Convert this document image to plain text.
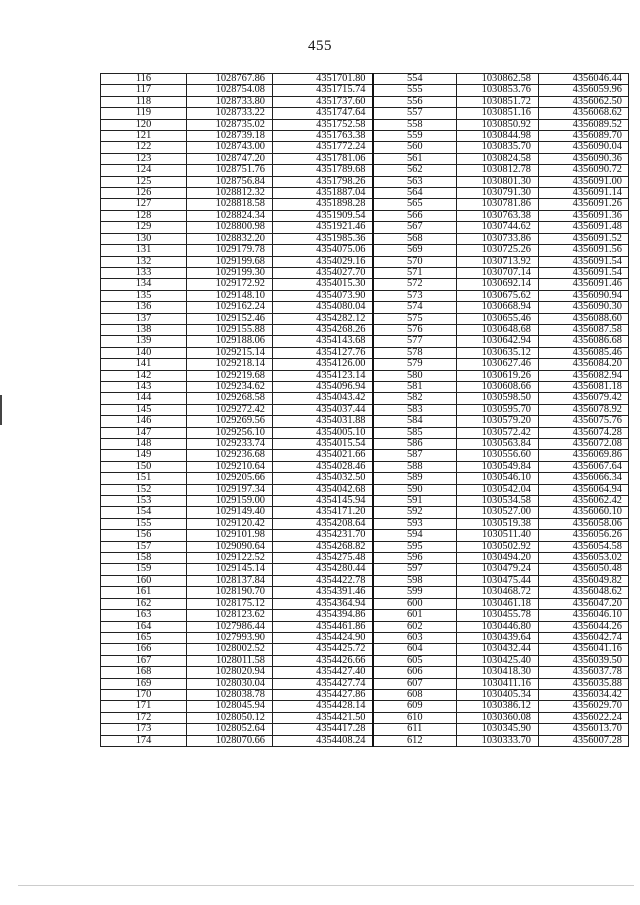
455
116	1028767.86	4351701.80	554	1030862.58	4356046.44
117	1028754.08	4351715.74	555	1030853.76	4356059.96
118	1028733.80	4351737.60	556	1030851.72	4356062.50
119	1028733.22	4351747.64	557	1030851.16	4356068.62
120	1028735.02	4351752.58	558	1030850.92	4356089.52
121	1028739.18	4351763.38	559	1030844.98	4356089.70
122	1028743.00	4351772.24	560	1030835.70	4356090.04
123	1028747.20	4351781.06	561	1030824.58	4356090.36
124	1028751.76	4351789.68	562	1030812.78	4356090.72
125	1028756.84	4351798.26	563	1030801.30	4356091.00
126	1028812.32	4351887.04	564	1030791.30	4356091.14
127	1028818.58	4351898.28	565	1030781.86	4356091.26
128	1028824.34	4351909.54	566	1030763.38	4356091.36
129	1028800.98	4351921.46	567	1030744.62	4356091.48
130	1028832.20	4351985.36	568	1030733.86	4356091.52
131	1029179.78	4354075.06	569	1030725.26	4356091.56
132	1029199.68	4354029.16	570	1030713.92	4356091.54
133	1029199.30	4354027.70	571	1030707.14	4356091.54
134	1029172.92	4354015.30	572	1030692.14	4356091.46
135	1029148.10	4354073.90	573	1030675.62	4356090.94
136	1029162.24	4354080.04	574	1030668.94	4356090.30
137	1029152.46	4354282.12	575	1030655.46	4356088.60
138	1029155.88	4354268.26	576	1030648.68	4356087.58
139	1029188.06	4354143.68	577	1030642.94	4356086.68
140	1029215.14	4354127.76	578	1030635.12	4356085.46
141	1029218.14	4354126.00	579	1030627.46	4356084.20
142	1029219.68	4354123.14	580	1030619.26	4356082.94
143	1029234.62	4354096.94	581	1030608.66	4356081.18
144	1029268.58	4354043.42	582	1030598.50	4356079.42
145	1029272.42	4354037.44	583	1030595.70	4356078.92
146	1029269.56	4354031.88	584	1030579.20	4356075.76
147	1029256.10	4354005.10	585	1030572.42	4356074.28
148	1029233.74	4354015.54	586	1030563.84	4356072.08
149	1029236.68	4354021.66	587	1030556.60	4356069.86
150	1029210.64	4354028.46	588	1030549.84	4356067.64
151	1029205.66	4354032.50	589	1030546.10	4356066.34
152	1029197.34	4354042.68	590	1030542.04	4356064.94
153	1029159.00	4354145.94	591	1030534.58	4356062.42
154	1029149.40	4354171.20	592	1030527.00	4356060.10
155	1029120.42	4354208.64	593	1030519.38	4356058.06
156	1029101.98	4354231.70	594	1030511.40	4356056.26
157	1029090.64	4354268.82	595	1030502.92	4356054.58
158	1029122.52	4354275.48	596	1030494.20	4356053.02
159	1029145.14	4354280.44	597	1030479.24	4356050.48
160	1028137.84	4354422.78	598	1030475.44	4356049.82
161	1028190.70	4354391.46	599	1030468.72	4356048.62
162	1028175.12	4354364.94	600	1030461.18	4356047.20
163	1028123.62	4354394.86	601	1030455.78	4356046.10
164	1027986.44	4354461.86	602	1030446.80	4356044.26
165	1027993.90	4354424.90	603	1030439.64	4356042.74
166	1028002.52	4354425.72	604	1030432.44	4356041.16
167	1028011.58	4354426.66	605	1030425.40	4356039.50
168	1028020.94	4354427.40	606	1030418.30	4356037.78
169	1028030.04	4354427.74	607	1030411.16	4356035.88
170	1028038.78	4354427.86	608	1030405.34	4356034.42
171	1028045.94	4354428.14	609	1030386.12	4356029.70
172	1028050.12	4354421.50	610	1030360.08	4356022.24
173	1028052.64	4354417.28	611	1030345.90	4356013.70
174	1028070.66	4354408.24	612	1030333.70	4356007.28
